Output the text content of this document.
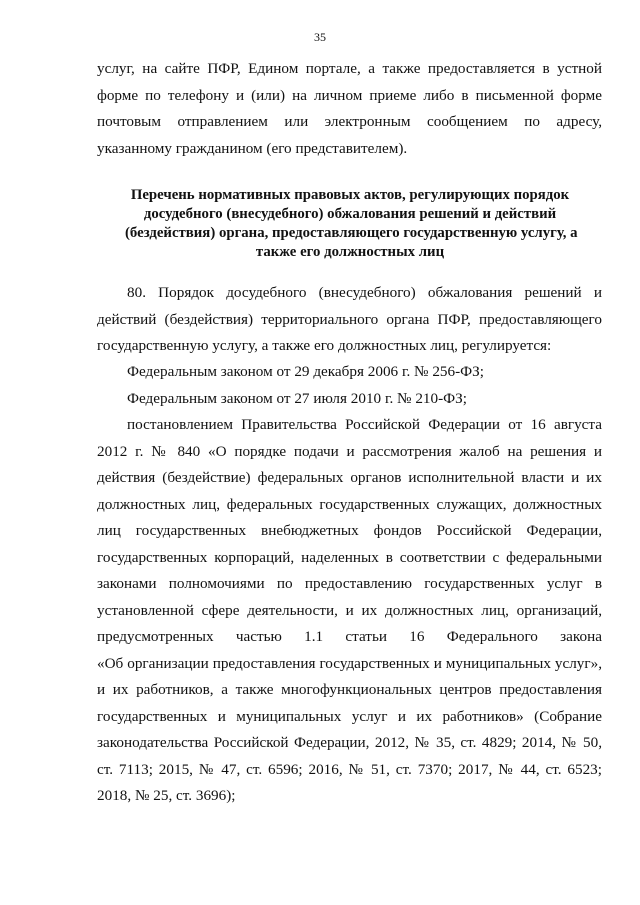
35
услуг, на сайте ПФР, Едином портале, а также предоставляется в устной
форме по телефону и (или) на личном приеме либо в письменной форме
почтовым отправлением или электронным сообщением по адресу,
указанному гражданином (его представителем).
Перечень нормативных правовых актов, регулирующих порядок
досудебного (внесудебного) обжалования решений и действий
(бездействия) органа, предоставляющего государственную услугу, а
также его должностных лиц
80. Порядок досудебного (внесудебного) обжалования решений и
действий (бездействия) территориального органа ПФР, предоставляющего
государственную услугу, а также его должностных лиц, регулируется:
Федеральным законом от 29 декабря 2006 г. № 256-ФЗ;
Федеральным законом от 27 июля 2010 г. № 210-ФЗ;
постановлением Правительства Российской Федерации от 16 августа
2012 г. № 840 «О порядке подачи и рассмотрения жалоб на решения и
действия (бездействие) федеральных органов исполнительной власти и их
должностных лиц, федеральных государственных служащих, должностных
лиц государственных внебюджетных фондов Российской Федерации,
государственных корпораций, наделенных в соответствии с федеральными
законами полномочиями по предоставлению государственных услуг в
установленной сфере деятельности, и их должностных лиц, организаций,
предусмотренных частью 1.1 статьи 16 Федерального закона
«Об организации предоставления государственных и муниципальных услуг»,
и их работников, а также многофункциональных центров предоставления
государственных и муниципальных услуг и их работников» (Собрание
законодательства Российской Федерации, 2012, № 35, ст. 4829; 2014, № 50,
ст. 7113; 2015, № 47, ст. 6596; 2016, № 51, ст. 7370; 2017, № 44, ст. 6523;
2018, № 25, ст. 3696);
